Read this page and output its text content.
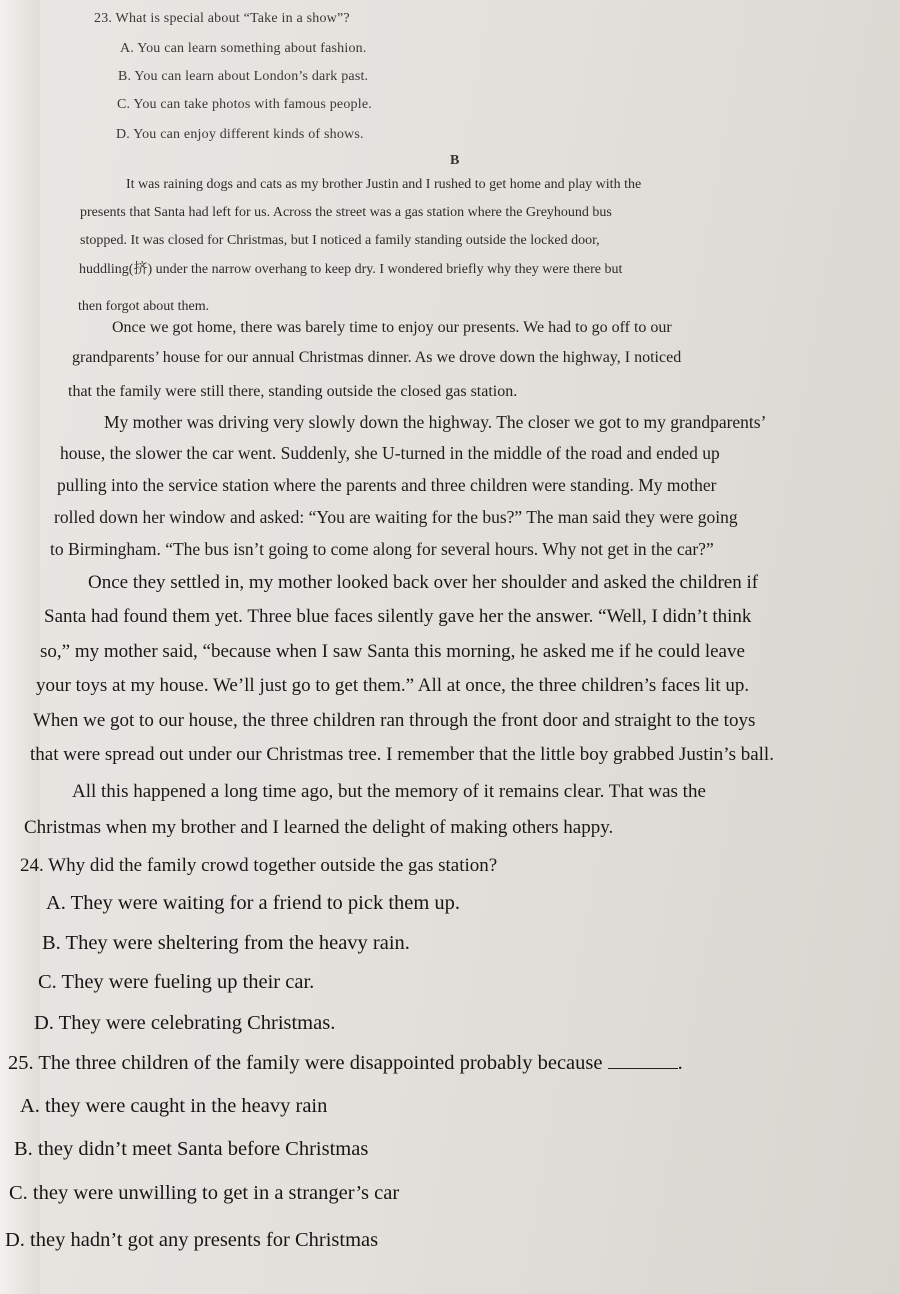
23. What is special about “Take in a show”?
A. You can learn something about fashion.
B. You can learn about London’s dark past.
C. You can take photos with famous people.
D. You can enjoy different kinds of shows.
B
It was raining dogs and cats as my brother Justin and I rushed to get home and play with the
presents that Santa had left for us. Across the street was a gas station where the Greyhound bus
stopped. It was closed for Christmas, but I noticed a family standing outside the locked door,
huddling(挤) under the narrow overhang to keep dry. I wondered briefly why they were there but
then forgot about them.
Once we got home, there was barely time to enjoy our presents. We had to go off to our
grandparents’ house for our annual Christmas dinner. As we drove down the highway, I noticed
that the family were still there, standing outside the closed gas station.
My mother was driving very slowly down the highway. The closer we got to my grandparents’
house, the slower the car went. Suddenly, she U-turned in the middle of the road and ended up
pulling into the service station where the parents and three children were standing. My mother
rolled down her window and asked: “You are waiting for the bus?” The man said they were going
to Birmingham. “The bus isn’t going to come along for several hours. Why not get in the car?”
Once they settled in, my mother looked back over her shoulder and asked the children if
Santa had found them yet. Three blue faces silently gave her the answer. “Well, I didn’t think
so,” my mother said, “because when I saw Santa this morning, he asked me if he could leave
your toys at my house. We’ll just go to get them.” All at once, the three children’s faces lit up.
When we got to our house, the three children ran through the front door and straight to the toys
that were spread out under our Christmas tree. I remember that the little boy grabbed Justin’s ball.
All this happened a long time ago, but the memory of it remains clear. That was the
Christmas when my brother and I learned the delight of making others happy.
24. Why did the family crowd together outside the gas station?
A. They were waiting for a friend to pick them up.
B. They were sheltering from the heavy rain.
C. They were fueling up their car.
D. They were celebrating Christmas.
25. The three children of the family were disappointed probably because	.
A. they were caught in the heavy rain
B. they didn’t meet Santa before Christmas
C. they were unwilling to get in a stranger’s car
D. they hadn’t got any presents for Christmas
